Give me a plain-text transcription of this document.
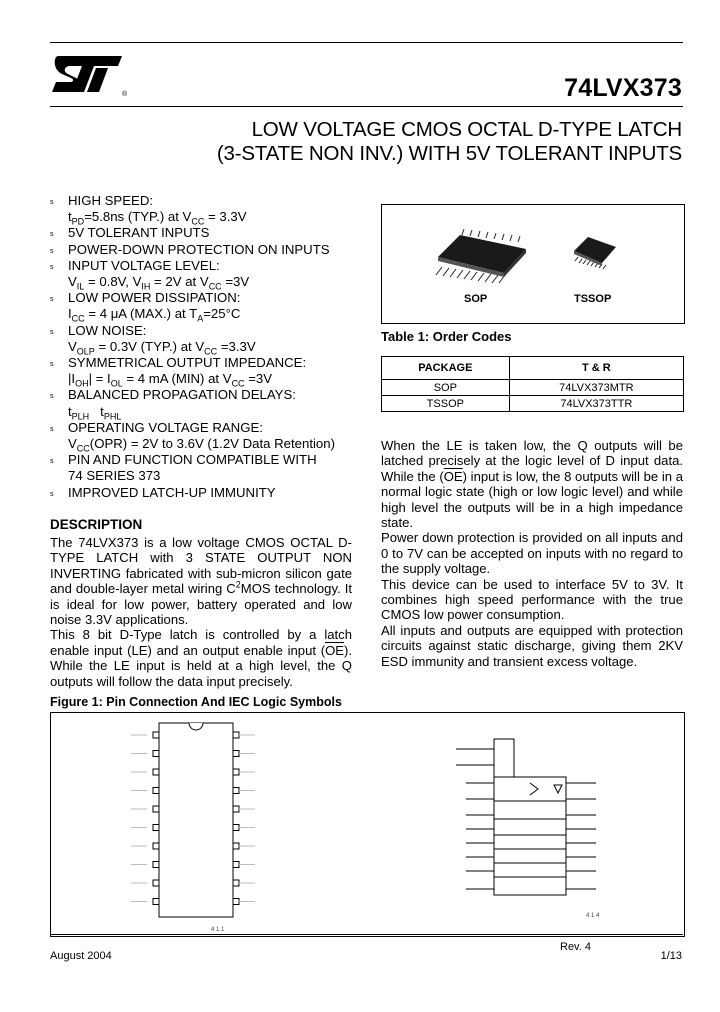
®	74LVX373
LOW VOLTAGE CMOS OCTAL D-TYPE LATCH
(3-STATE NON INV.) WITH 5V TOLERANT INPUTS
s HIGH SPEED:
$t_{PD}=5.8ns$ (TYP.) at $V_{CC} = 3.3V$
s 5V TOLERANT INPUTS
s POWER-DOWN PROTECTION ON INPUTS
s INPUT VOLTAGE LEVEL:
$V_{IL} = 0.8V$, $V_{IH} = 2V$ at $V_{CC} =3V$
s LOW POWER DISSIPATION:
$I_{CC} = 4$ μA (MAX.) at $T_A=25^\circ C$
s LOW NOISE:
$V_{OLP} = 0.3V$ (TYP.) at $V_{CC} =3.3V$
s SYMMETRICAL OUTPUT IMPEDANCE:
$|I_{OH}| = I_{OL} = 4$ mA (MIN) at $V_{CC} =3V$
s BALANCED PROPAGATION DELAYS:
$t_{PLH}$   $t_{PHL}$
s OPERATING VOLTAGE RANGE:
$V_{CC}(OPR) = 2V$ to 3.6V (1.2V Data Retention)
s PIN AND FUNCTION COMPATIBLE WITH
74 SERIES 373
s IMPROVED LATCH-UP IMMUNITY
DESCRIPTION

The 74LVX373 is a low voltage CMOS OCTAL D-TYPE LATCH with 3 STATE OUTPUT NON INVERTING fabricated with sub-micron silicon gate and double-layer metal wiring $C^2MOS$ technology. It is ideal for low power, battery operated and low noise 3.3V applications.

This 8 bit D-Type latch is controlled by a latch enable input (LE) and an output enable input $(\overline{OE})$. While the LE input is held at a high level, the Q outputs will follow the data input precisely.

SOP	TSSOP
Table 1: Order Codes
PACKAGE	T & R
SOP	74LVX373MTR
TSSOP	74LVX373TTR

When the LE is taken low, the Q outputs will be latched precisely at the logic level of D input data. While the $(\overline{OE})$ input is low, the 8 outputs will be in a normal logic state (high or low logic level) and while high level the outputs will be in a high impedance state.

Power down protection is provided on all inputs and 0 to 7V can be accepted on inputs with no regard to the supply voltage.

This device can be used to interface 5V to 3V. It combines high speed performance with the true CMOS low power consumption.

All inputs and outputs are equipped with protection circuits against static discharge, giving them 2KV ESD immunity and transient excess voltage.

Figure 1: Pin Connection And IEC Logic Symbols
4 1 1
4 1 4
Rev. 4
August 2004	1/13
